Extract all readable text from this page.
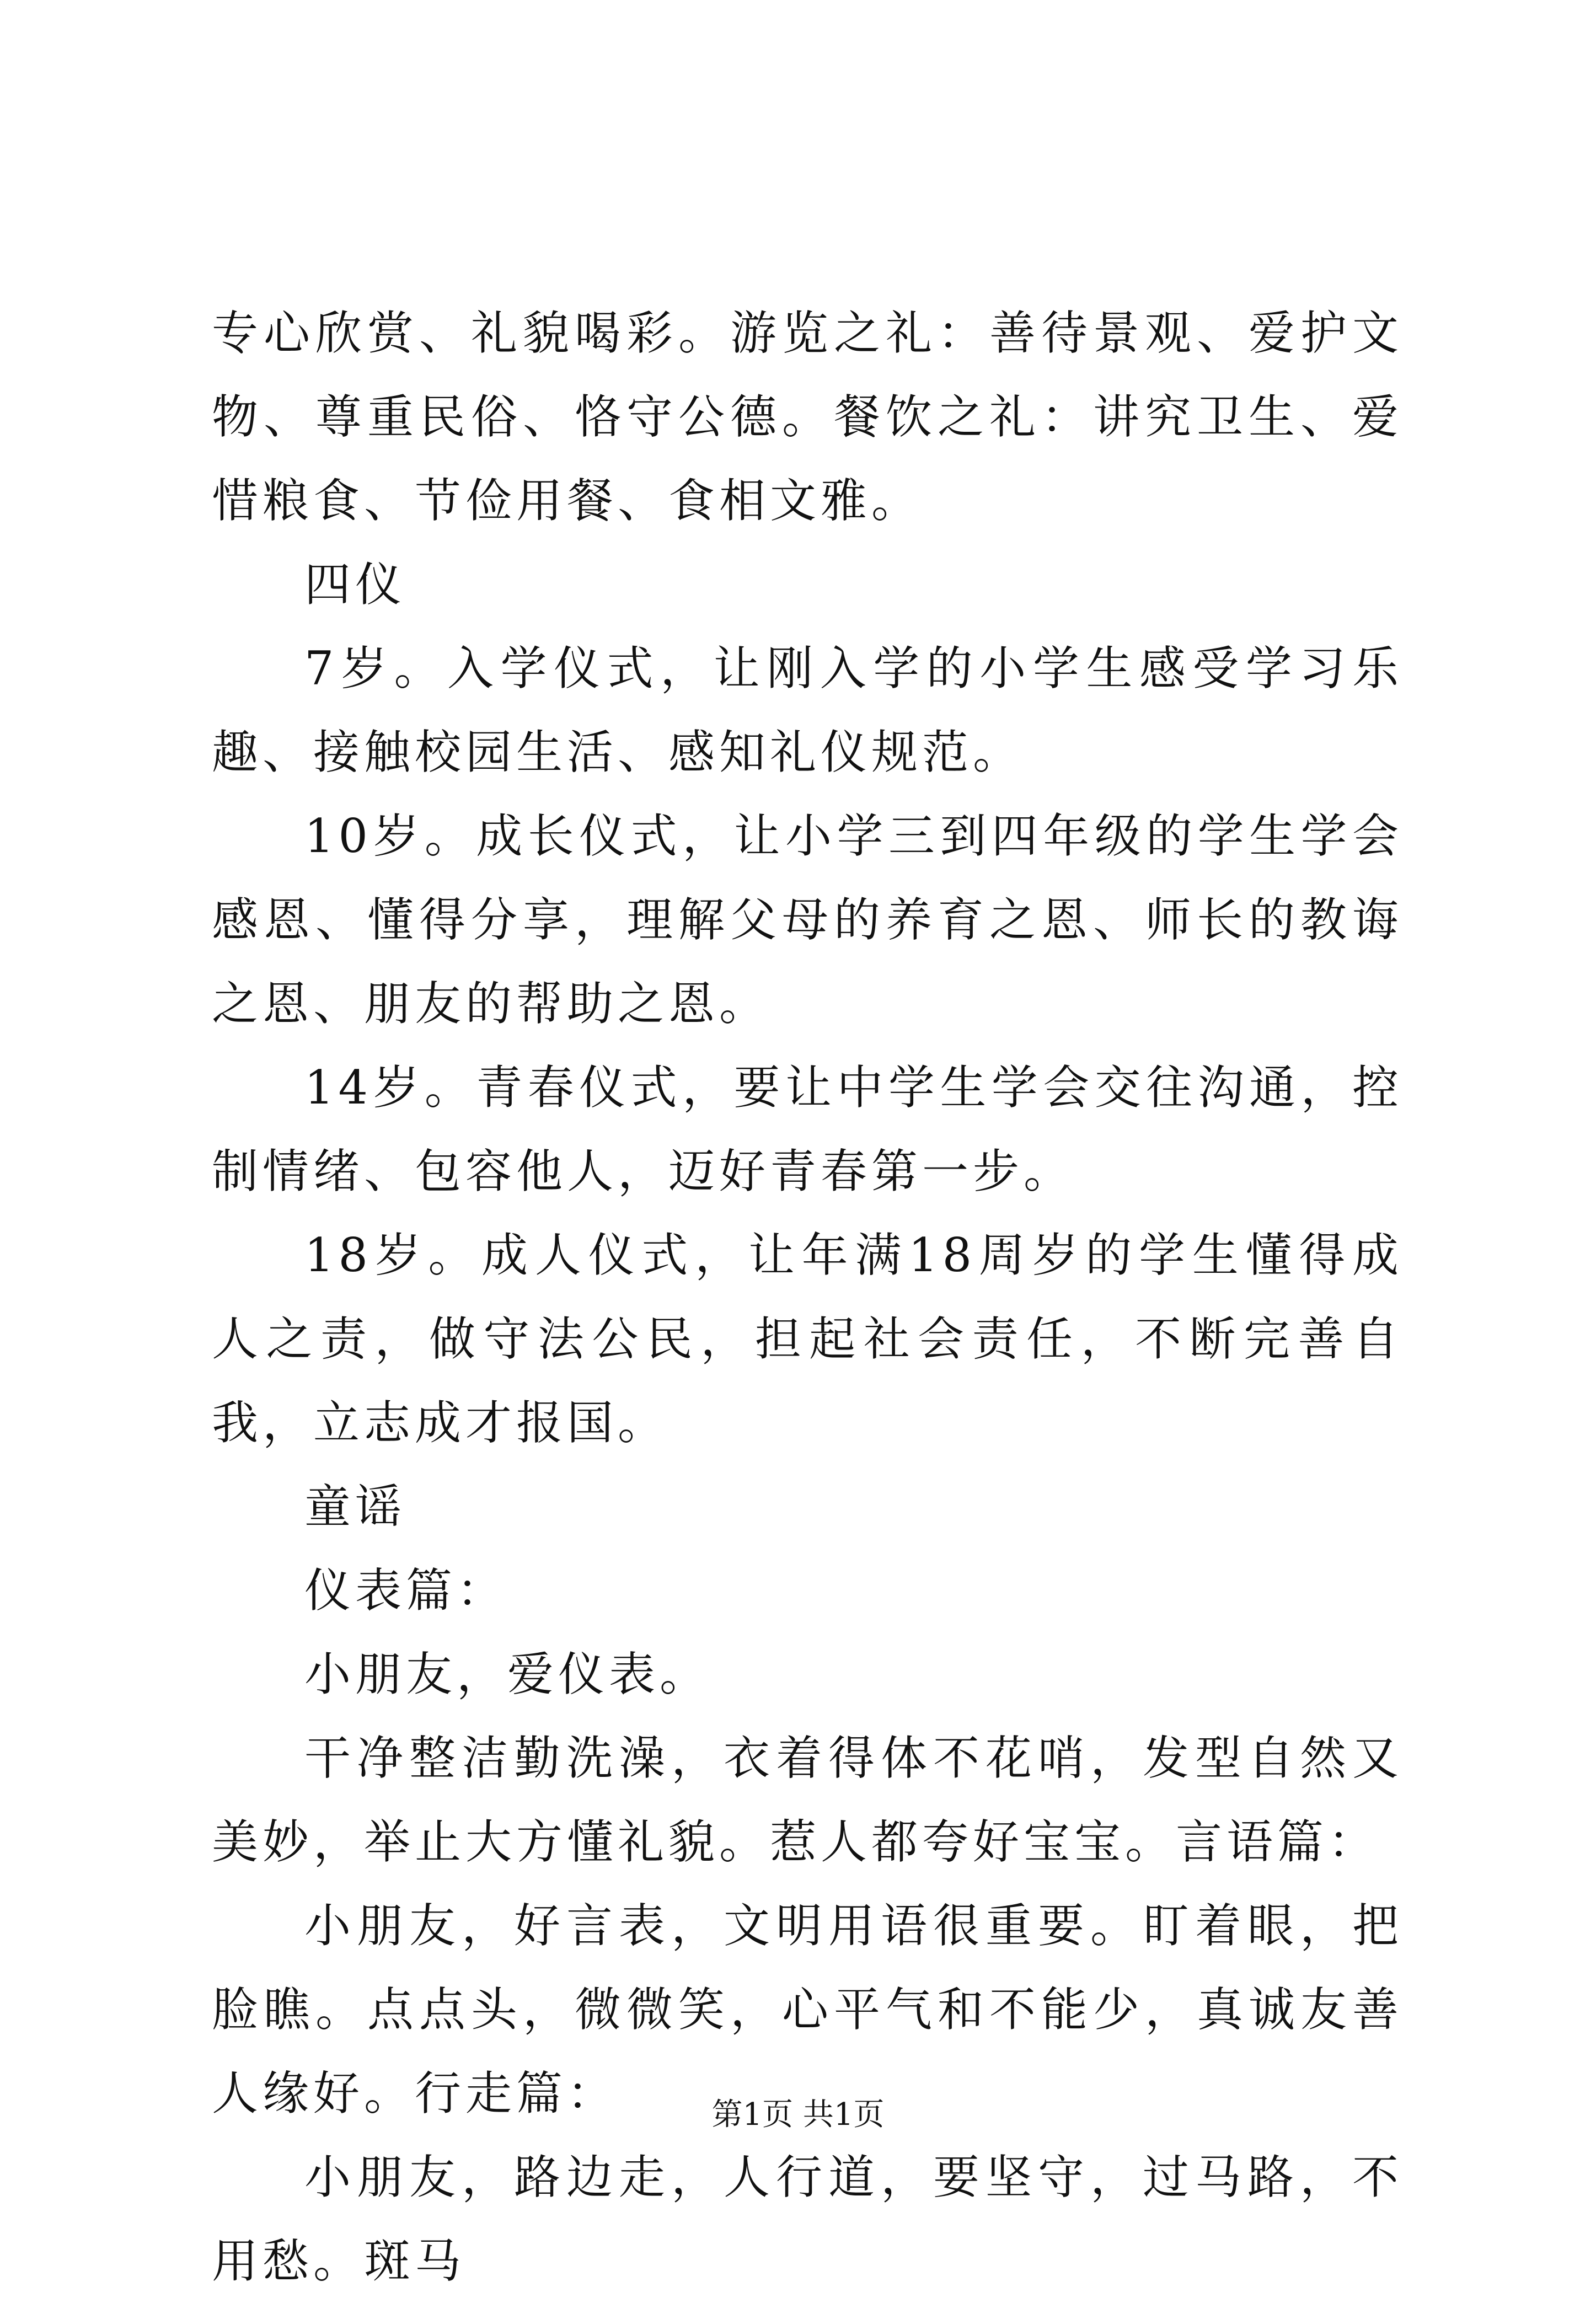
专心欣赏、礼貌喝彩。游览之礼：善待景观、爱护文物、尊重民俗、恪守公德。餐饮之礼：讲究卫生、爱惜粮食、节俭用餐、食相文雅。

四仪

7岁。入学仪式，让刚入学的小学生感受学习乐趣、接触校园生活、感知礼仪规范。

10岁。成长仪式，让小学三到四年级的学生学会感恩、懂得分享，理解父母的养育之恩、师长的教诲之恩、朋友的帮助之恩。

14岁。青春仪式，要让中学生学会交往沟通，控制情绪、包容他人，迈好青春第一步。

18岁。成人仪式，让年满18周岁的学生懂得成人之责，做守法公民，担起社会责任，不断完善自我，立志成才报国。

童谣

仪表篇：

小朋友，爱仪表。

干净整洁勤洗澡，衣着得体不花哨，发型自然又美妙，举止大方懂礼貌。惹人都夸好宝宝。言语篇：

小朋友，好言表，文明用语很重要。盯着眼，把脸瞧。点点头，微微笑，心平气和不能少，真诚友善人缘好。行走篇：

小朋友，路边走，人行道，要坚守，过马路，不用愁。斑马

第1页 共1页
